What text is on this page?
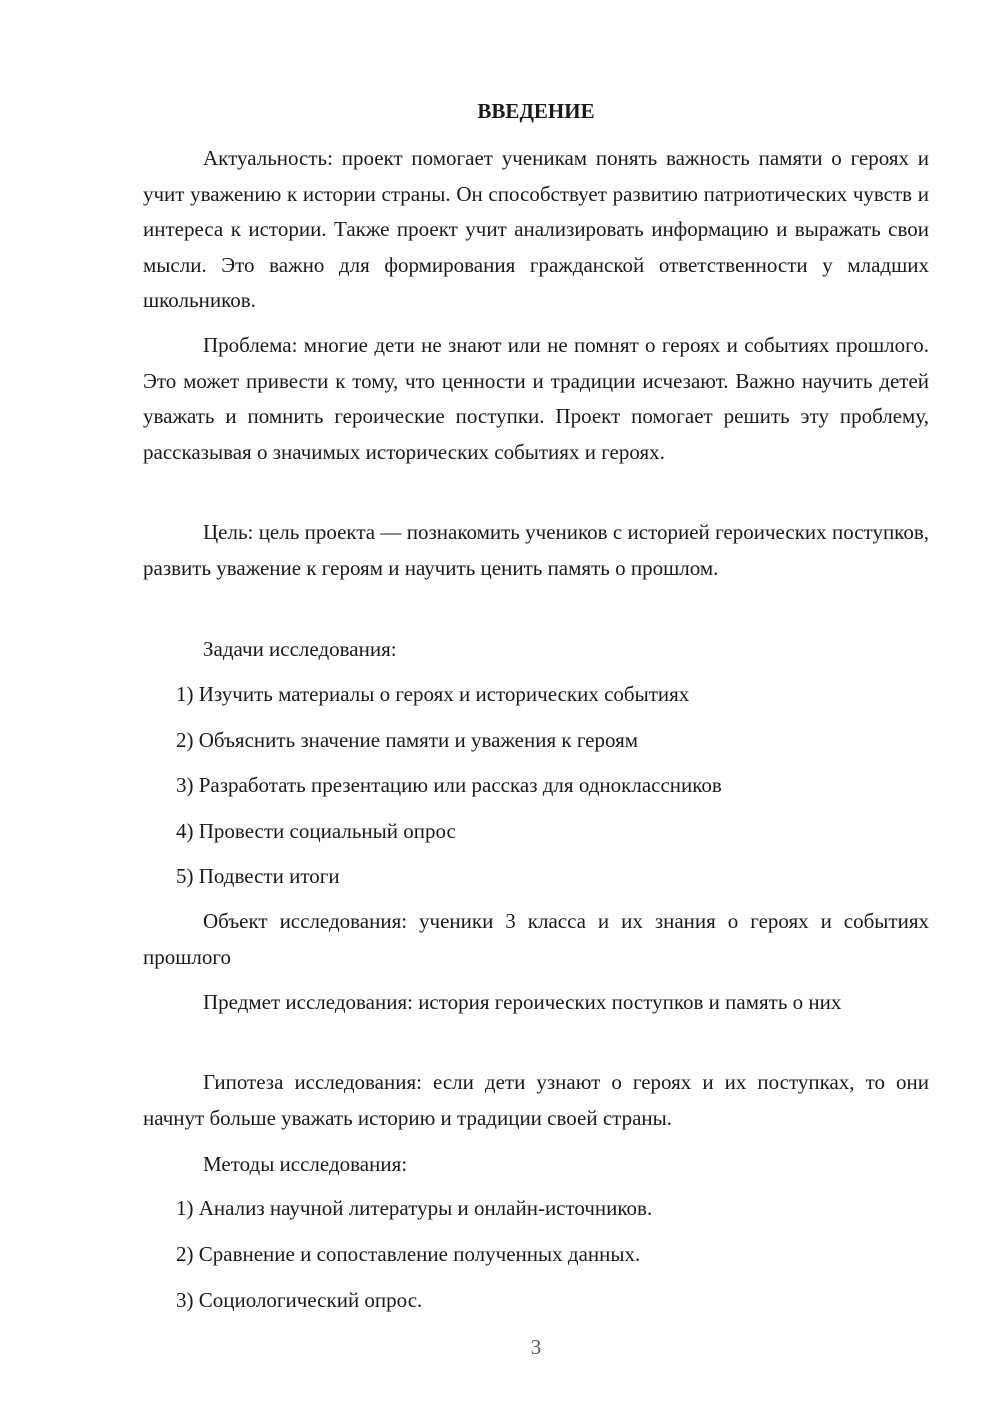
ВВЕДЕНИЕ

Актуальность: проект помогает ученикам понять важность памяти о героях и учит уважению к истории страны. Он способствует развитию патриотических чувств и интереса к истории. Также проект учит анализировать информацию и выражать свои мысли. Это важно для формирования гражданской ответственности у младших школьников.

Проблема: многие дети не знают или не помнят о героях и событиях прошлого. Это может привести к тому, что ценности и традиции исчезают. Важно научить детей уважать и помнить героические поступки. Проект помогает решить эту проблему, рассказывая о значимых исторических событиях и героях.

Цель: цель проекта — познакомить учеников с историей героических поступков, развить уважение к героям и научить ценить память о прошлом.

Задачи исследования:

1) Изучить материалы о героях и исторических событиях

2) Объяснить значение памяти и уважения к героям

3) Разработать презентацию или рассказ для одноклассников

4) Провести социальный опрос

5) Подвести итоги

Объект исследования: ученики 3 класса и их знания о героях и событиях прошлого

Предмет исследования: история героических поступков и память о них

Гипотеза исследования: если дети узнают о героях и их поступках, то они начнут больше уважать историю и традиции своей страны.

Методы исследования:

1) Анализ научной литературы и онлайн-источников.

2) Сравнение и сопоставление полученных данных.

3) Социологический опрос.

3
